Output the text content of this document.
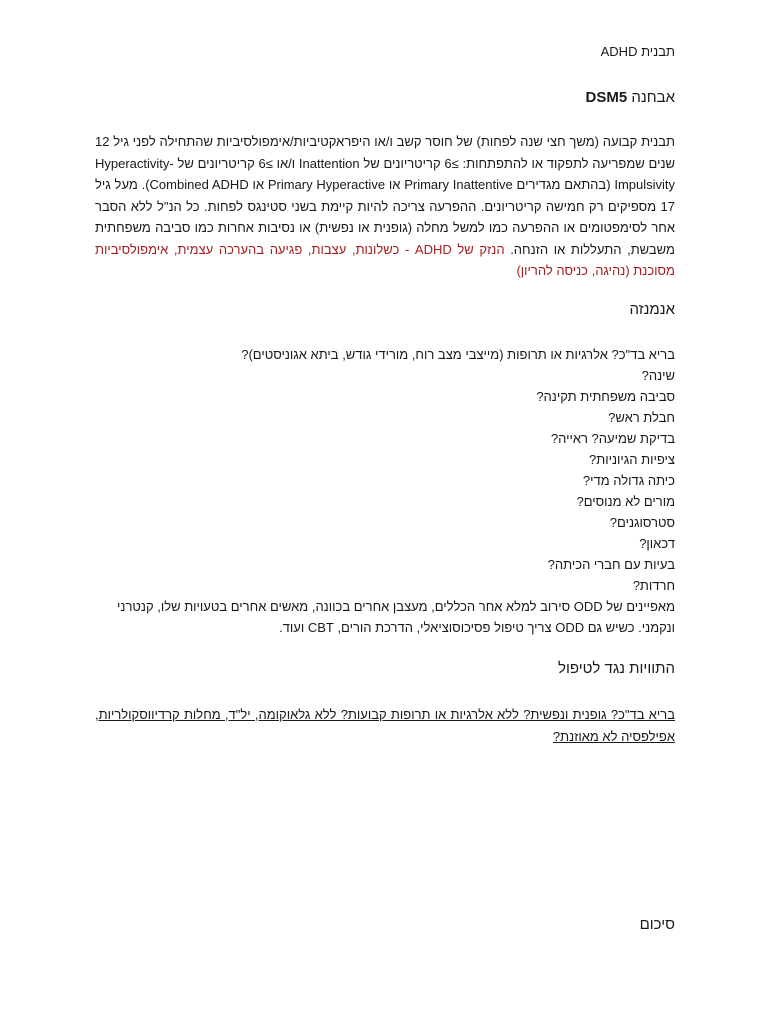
תבנית ADHD
אבחנה DSM5

תבנית קבועה (משך חצי שנה לפחות) של חוסר קשב ו/או היפראקטיביות/אימפולסיביות שהתחילה לפני גיל 12 שנים שמפריעה לתפקוד או להתפתחות: ≥6 קריטריונים של Inattention ו/או ≥6 קריטריונים של Hyperactivity-Impulsivity (בהתאם מגדירים Primary Inattentive או Primary Hyperactive או Combined ADHD). מעל גיל 17 מספיקים רק חמישה קריטריונים. ההפרעה צריכה להיות קיימת בשני סטינגס לפחות. כל הנ"ל ללא הסבר אחר לסימפטומים או ההפרעה כמו למשל מחלה (גופנית או נפשית) או נסיבות אחרות כמו סביבה משפחתית משבשת, התעללות או הזנחה. הנזק של ADHD - כשלונות, עצבות, פגיעה בהערכה עצמית, אימפולסיביות מסוכנת (נהיגה, כניסה להריון)

אנמנזה
בריא בד"כ? אלרגיות או תרופות (מייצבי מצב רוח, מורידי גודש, ביתא אגוניסטים)?
שינה?
סביבה משפחתית תקינה?
חבלת ראש?
בדיקת שמיעה? ראייה?
ציפיות הגיוניות?
כיתה גדולה מדי?
מורים לא מנוסים?
סטרסוגנים?
דכאון?
בעיות עם חברי הכיתה?
חרדות?
מאפיינים של ODD סירוב למלא אחר הכללים, מעצבן אחרים בכוונה, מאשים אחרים בטעויות שלו, קנטרני ונקמני. כשיש גם ODD צריך טיפול פסיכוסוציאלי, הדרכת הורים, CBT ועוד.
התוויות נגד לטיפול

בריא בד"כ? גופנית ונפשית? ללא אלרגיות או תרופות קבועות? ללא גלאוקומה, יל"ד, מחלות קרדיווסקולריות, אפילפסיה לא מאוזנת?

סיכום
